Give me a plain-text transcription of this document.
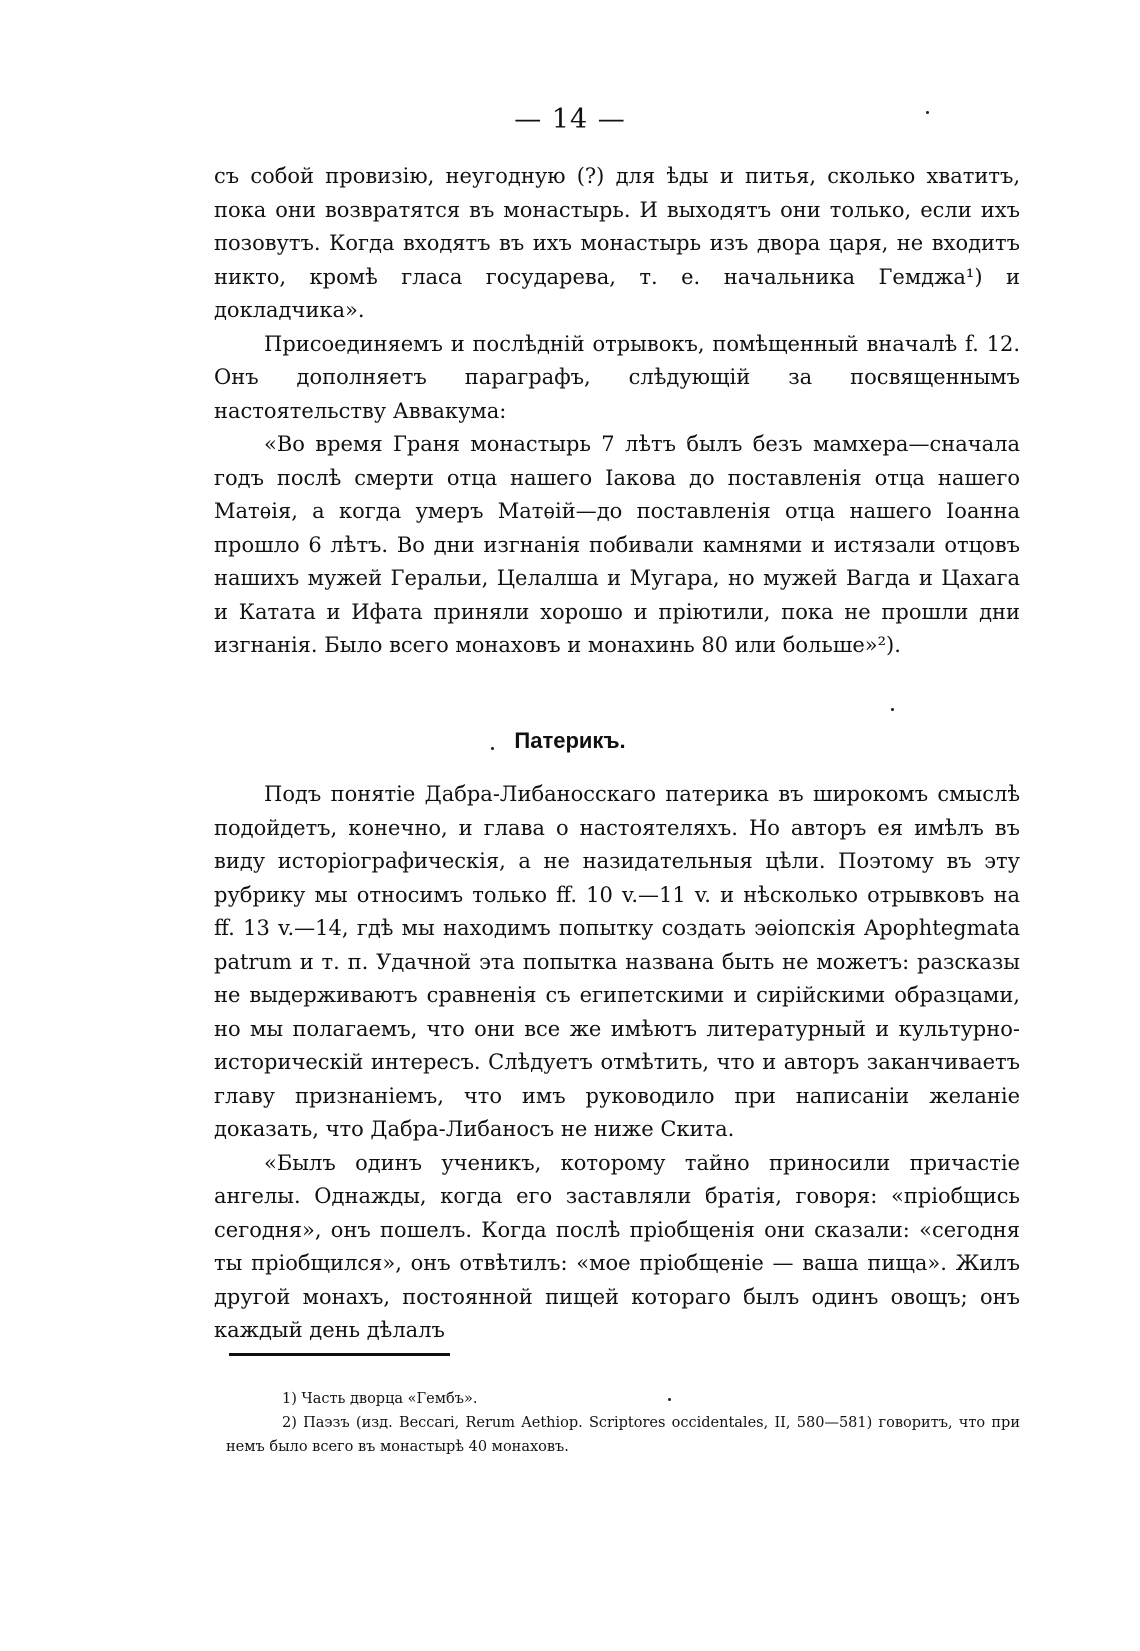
— 14 —

съ собой провизію, неугодную (?) для ѣды и питья, сколько хватитъ, пока они возвратятся въ монастырь. И выходятъ они только, если ихъ позовутъ. Когда входятъ въ ихъ монастырь изъ двора царя, не входитъ никто, кромѣ гласа государева, т. е. начальника Гемджа¹) и докладчика».

Присоединяемъ и послѣдній отрывокъ, помѣщенный вначалѣ f. 12. Онъ дополняетъ параграфъ, слѣдующій за посвященнымъ настоятельству Аввакума:

«Во время Граня монастырь 7 лѣтъ былъ безъ мамхера—сначала годъ послѣ смерти отца нашего Іакова до поставленія отца нашего Матѳія, а когда умеръ Матѳій—до поставленія отца нашего Іоанна прошло 6 лѣтъ. Во дни изгнанія побивали камнями и истязали отцовъ нашихъ мужей Геральи, Целалша и Мугара, но мужей Вагда и Цахага и Катата и Ифата приняли хорошо и пріютили, пока не прошли дни изгнанія. Было всего монаховъ и монахинь 80 или больше»²).

Патерикъ.

Подъ понятіе Дабра-Либаносскаго патерика въ широкомъ смыслѣ подойдетъ, конечно, и глава о настоятеляхъ. Но авторъ ея имѣлъ въ виду исторіографическія, а не назидательныя цѣли. Поэтому въ эту рубрику мы относимъ только ff. 10 v.—11 v. и нѣсколько отрывковъ на ff. 13 v.—14, гдѣ мы находимъ попытку создать эѳіопскія Apophtegmata patrum и т. п. Удачной эта попытка названа быть не можетъ: разсказы не выдерживаютъ сравненія съ египетскими и сирійскими образцами, но мы полагаемъ, что они все же имѣютъ литературный и культурно-историческій интересъ. Слѣдуетъ отмѣтить, что и авторъ заканчиваетъ главу признаніемъ, что имъ руководило при написаніи желаніе доказать, что Дабра-Либаносъ не ниже Скита.

«Былъ одинъ ученикъ, которому тайно приносили причастіе ангелы. Однажды, когда его заставляли братія, говоря: «пріобщись сегодня», онъ пошелъ. Когда послѣ пріобщенія они сказали: «сегодня ты пріобщился», онъ отвѣтилъ: «мое пріобщеніе — ваша пища». Жилъ другой монахъ, постоянной пищей котораго былъ одинъ овощъ; онъ каждый день дѣлалъ

1) Часть дворца «Гембъ».

2) Паэзъ (изд. Beccari, Rerum Aethiop. Scriptores occidentales, II, 580—581) говоритъ, что при немъ было всего въ монастырѣ 40 монаховъ.
